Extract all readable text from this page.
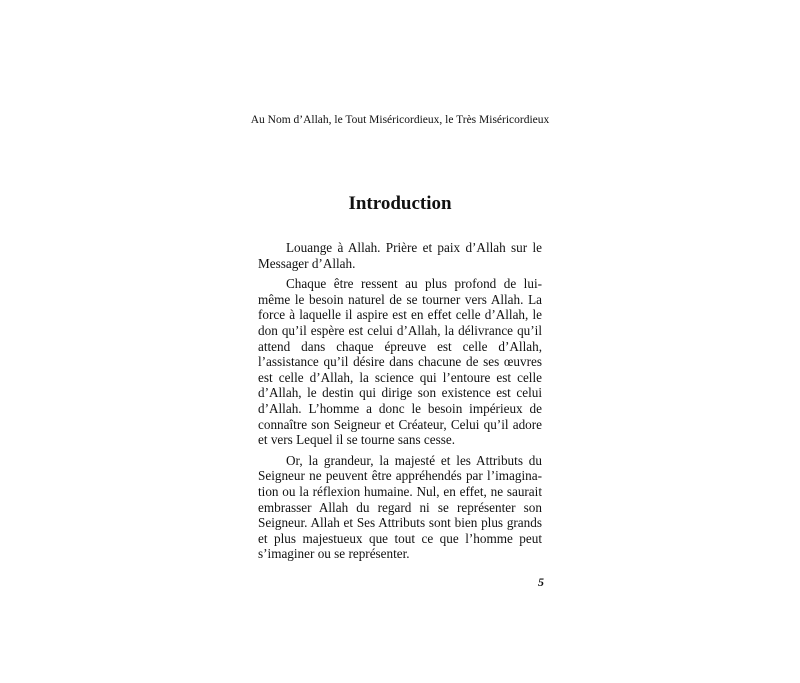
Au Nom d’Allah, le Tout Miséricordieux, le Très Miséricordieux
Introduction

Louange à Allah. Prière et paix d’Allah sur le Messager d’Allah.

Chaque être ressent au plus profond de lui-même le besoin naturel de se tourner vers Allah. La force à laquelle il aspire est en effet celle d’Allah, le don qu’il espère est celui d’Allah, la délivrance qu’il attend dans chaque épreuve est celle d’Allah, l’assistance qu’il désire dans chacune de ses œuvres est celle d’Allah, la science qui l’entoure est celle d’Allah, le destin qui dirige son existence est celui d’Allah. L’homme a donc le besoin impérieux de connaître son Seigneur et Créateur, Celui qu’il adore et vers Lequel il se tourne sans cesse.

Or, la grandeur, la majesté et les Attributs du Seigneur ne peuvent être appréhendés par l’imagination ou la réflexion humaine. Nul, en effet, ne saurait embrasser Allah du regard ni se représenter son Seigneur. Allah et Ses Attributs sont bien plus grands et plus majestueux que tout ce que l’homme peut s’imaginer ou se représenter.

5
